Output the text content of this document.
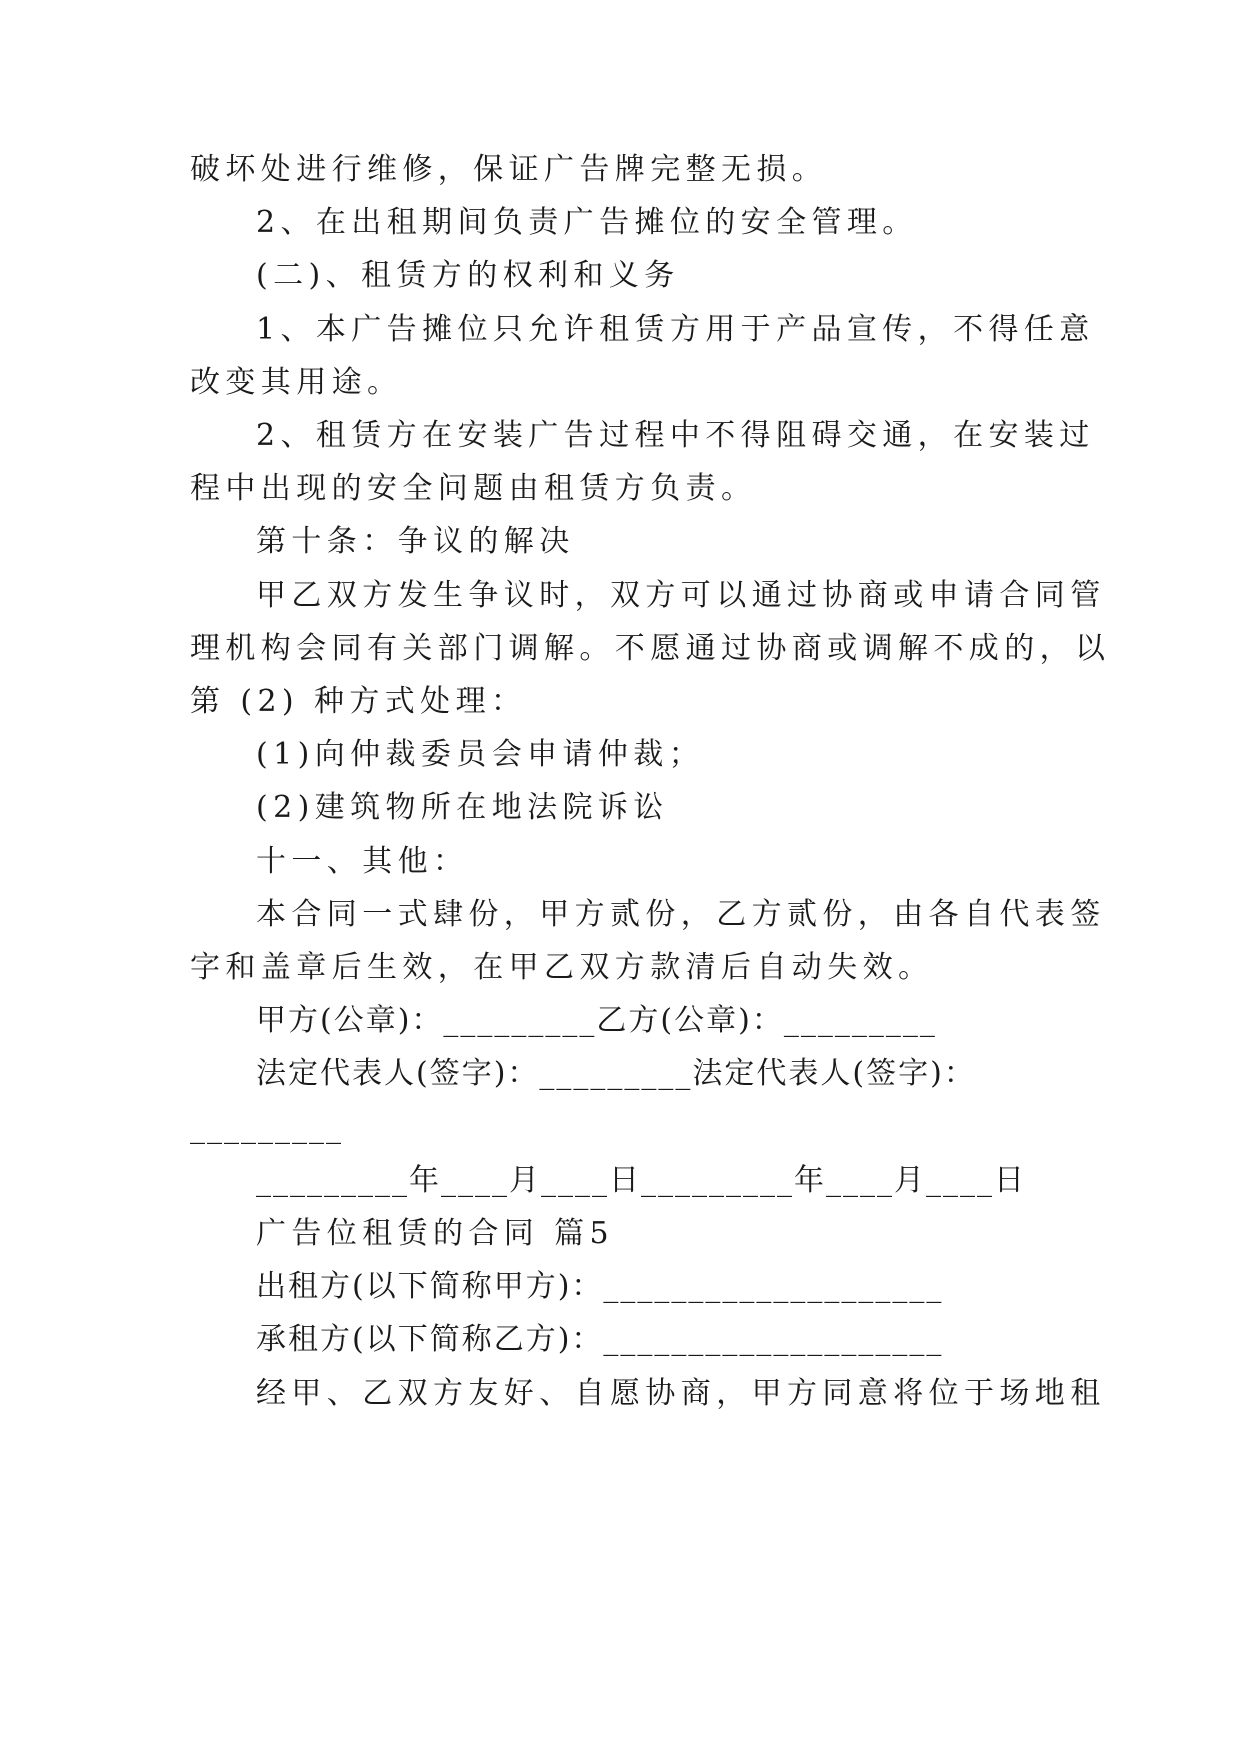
破坏处进行维修，保证广告牌完整无损。
2、在出租期间负责广告摊位的安全管理。
(二)、租赁方的权利和义务
1、本广告摊位只允许租赁方用于产品宣传，不得任意
改变其用途。
2、租赁方在安装广告过程中不得阻碍交通，在安装过
程中出现的安全问题由租赁方负责。
第十条：争议的解决
甲乙双方发生争议时，双方可以通过协商或申请合同管
理机构会同有关部门调解。不愿通过协商或调解不成的，以
第 (2) 种方式处理：
(1)向仲裁委员会申请仲裁；
(2)建筑物所在地法院诉讼
十一、其他：
本合同一式肆份，甲方贰份，乙方贰份，由各自代表签
字和盖章后生效，在甲乙双方款清后自动失效。
甲方(公章)：_________乙方(公章)：_________
法定代表人(签字)：_________法定代表人(签字)：
_________
_________年____月____日_________年____月____日
广告位租赁的合同 篇5
出租方(以下简称甲方)：____________________
承租方(以下简称乙方)：____________________
经甲、乙双方友好、自愿协商，甲方同意将位于场地租
